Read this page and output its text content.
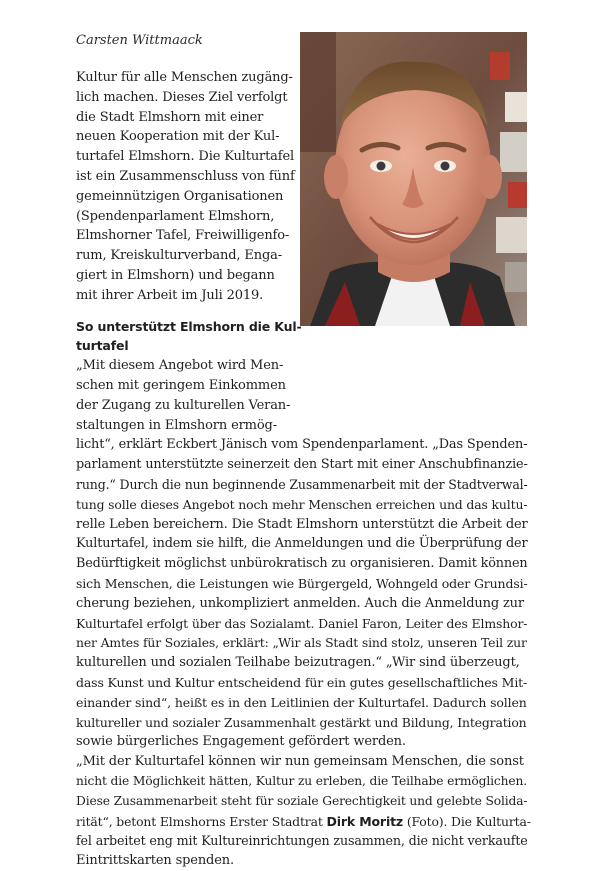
Carsten Wittmaack
Kultur für alle Menschen zugäng-
lich machen. Dieses Ziel verfolgt
die Stadt Elmshorn mit einer
neuen Kooperation mit der Kul-
turtafel Elmshorn. Die Kulturtafel
ist ein Zusammenschluss von fünf
gemeinnützigen Organisationen
(Spendenparlament Elmshorn,
Elmshorner Tafel, Freiwilligenfo-
rum, Kreiskulturverband, Enga-
giert in Elmshorn) und begann
mit ihrer Arbeit im Juli 2019.
So unterstützt Elmshorn die Kul-
turtafel
„Mit diesem Angebot wird Men-
schen mit geringem Einkommen
der Zugang zu kulturellen Veran-
staltungen in Elmshorn ermög-
licht“, erklärt Eckbert Jänisch vom Spendenparlament. „Das Spenden-
parlament unterstützte seinerzeit den Start mit einer Anschubfinanzie-
rung.“ Durch die nun beginnende Zusammenarbeit mit der Stadtverwal-
tung solle dieses Angebot noch mehr Menschen erreichen und das kultu-
relle Leben bereichern. Die Stadt Elmshorn unterstützt die Arbeit der
Kulturtafel, indem sie hilft, die Anmeldungen und die Überprüfung der
Bedürftigkeit möglichst unbürokratisch zu organisieren. Damit können
sich Menschen, die Leistungen wie Bürgergeld, Wohngeld oder Grundsi-
cherung beziehen, unkompliziert anmelden. Auch die Anmeldung zur
Kulturtafel erfolgt über das Sozialamt. Daniel Faron, Leiter des Elmshor-
ner Amtes für Soziales, erklärt: „Wir als Stadt sind stolz, unseren Teil zur
kulturellen und sozialen Teilhabe beizutragen.“ „Wir sind überzeugt,
dass Kunst und Kultur entscheidend für ein gutes gesellschaftliches Mit-
einander sind“, heißt es in den Leitlinien der Kulturtafel. Dadurch sollen
kultureller und sozialer Zusammenhalt gestärkt und Bildung, Integration
sowie bürgerliches Engagement gefördert werden.
„Mit der Kulturtafel können wir nun gemeinsam Menschen, die sonst
nicht die Möglichkeit hätten, Kultur zu erleben, die Teilhabe ermöglichen.
Diese Zusammenarbeit steht für soziale Gerechtigkeit und gelebte Solida-
rität“, betont Elmshorns Erster Stadtrat Dirk Moritz (Foto). Die Kulturta-
fel arbeitet eng mit Kultureinrichtungen zusammen, die nicht verkaufte
Eintrittskarten spenden.
